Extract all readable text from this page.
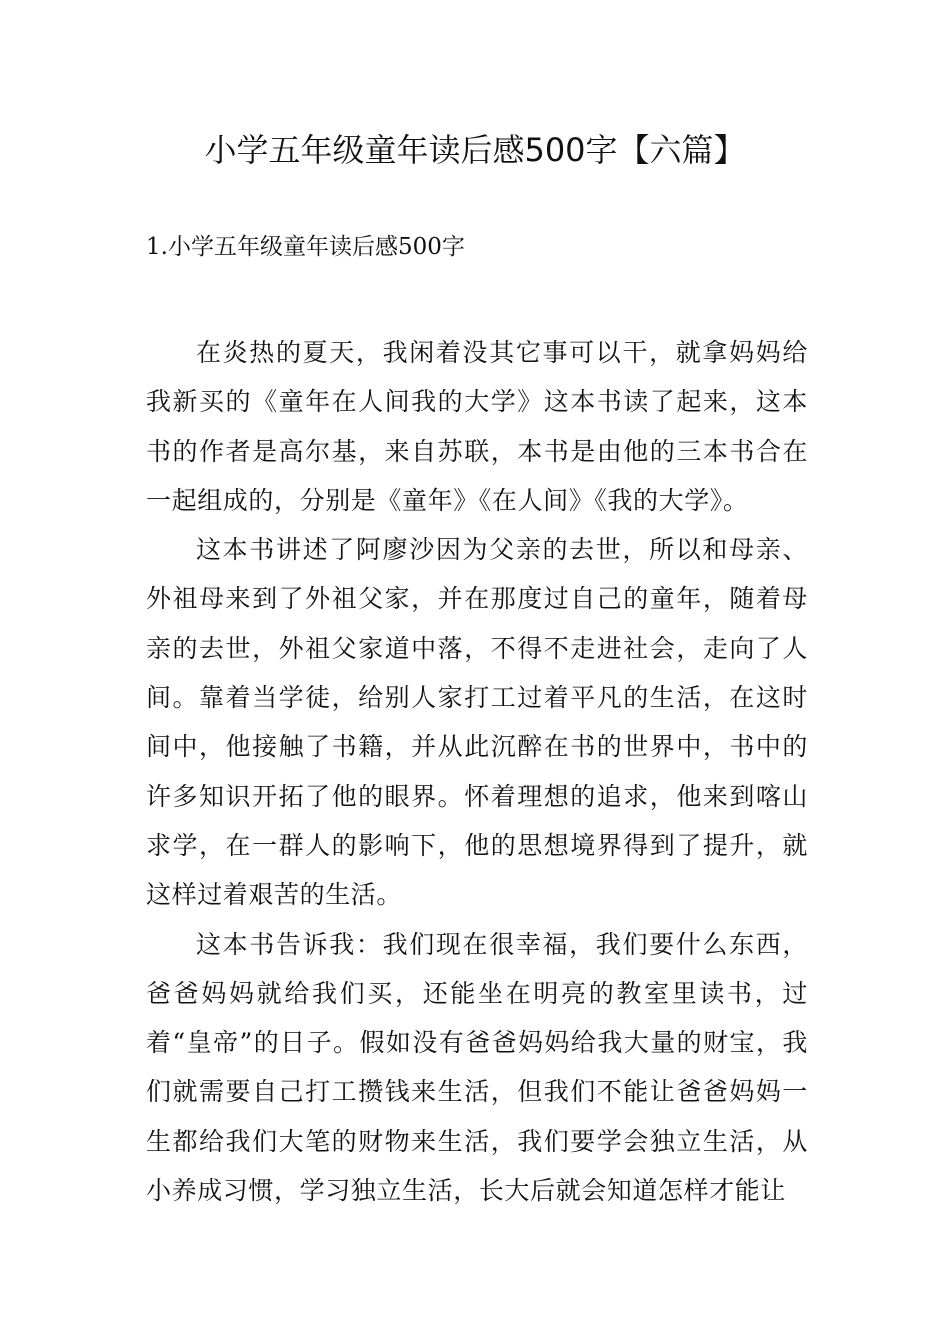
小学五年级童年读后感500字【六篇】
1.小学五年级童年读后感500字

在炎热的夏天，我闲着没其它事可以干，就拿妈妈给我新买的《童年在人间我的大学》这本书读了起来，这本书的作者是高尔基，来自苏联，本书是由他的三本书合在一起组成的，分别是《童年》《在人间》《我的大学》。

这本书讲述了阿廖沙因为父亲的去世，所以和母亲、外祖母来到了外祖父家，并在那度过自己的童年，随着母亲的去世，外祖父家道中落，不得不走进社会，走向了人间。靠着当学徒，给别人家打工过着平凡的生活，在这时间中，他接触了书籍，并从此沉醉在书的世界中，书中的许多知识开拓了他的眼界。怀着理想的追求，他来到喀山求学，在一群人的影响下，他的思想境界得到了提升，就这样过着艰苦的生活。

这本书告诉我：我们现在很幸福，我们要什么东西，爸爸妈妈就给我们买，还能坐在明亮的教室里读书，过着“皇帝”的日子。假如没有爸爸妈妈给我大量的财宝，我们就需要自己打工攒钱来生活，但我们不能让爸爸妈妈一生都给我们大笔的财物来生活，我们要学会独立生活，从小养成习惯，学习独立生活，长大后就会知道怎样才能让
